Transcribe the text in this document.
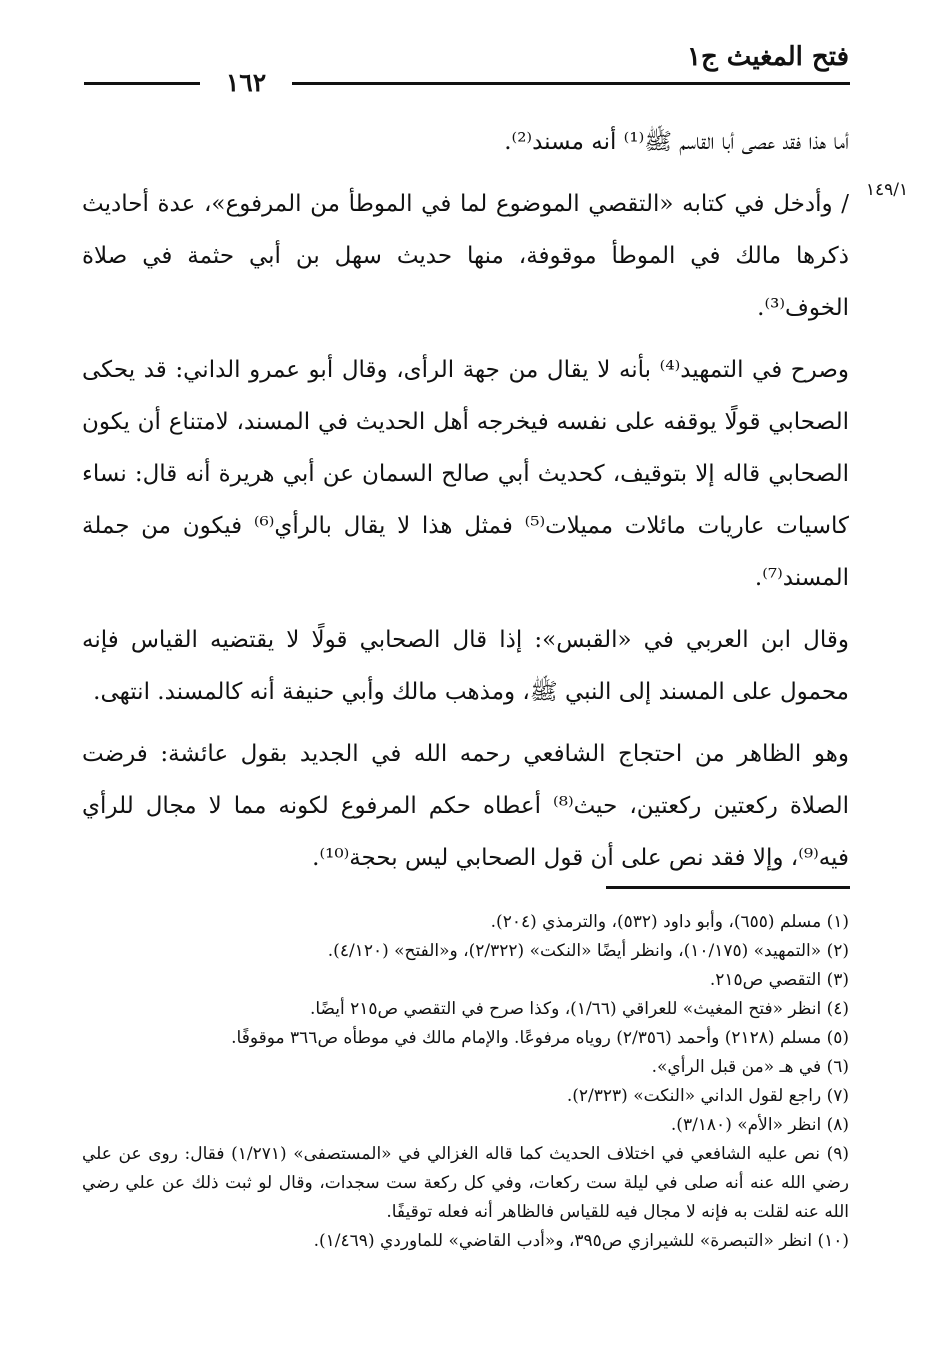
فتح المغيث ج١
١٦٢
١٤٩/١

أما هذا فقد عصى أبا القاسم ﷺ⁽¹⁾ أنه مسند⁽²⁾.

/ وأدخل في كتابه «التقصي الموضوع لما في الموطأ من المرفوع»، عدة أحاديث ذكرها مالك في الموطأ موقوفة، منها حديث سهل بن أبي حثمة في صلاة الخوف⁽³⁾.

وصرح في التمهيد⁽⁴⁾ بأنه لا يقال من جهة الرأى، وقال أبو عمرو الداني: قد يحكى الصحابي قولًا يوقفه على نفسه فيخرجه أهل الحديث في المسند، لامتناع أن يكون الصحابي قاله إلا بتوقيف، كحديث أبي صالح السمان عن أبي هريرة أنه قال: نساء كاسيات عاريات مائلات مميلات⁽⁵⁾ فمثل هذا لا يقال بالرأي⁽⁶⁾ فيكون من جملة المسند⁽⁷⁾.

وقال ابن العربي في «القبس»: إذا قال الصحابي قولًا لا يقتضيه القياس فإنه محمول على المسند إلى النبي ﷺ، ومذهب مالك وأبي حنيفة أنه كالمسند. انتهى.

وهو الظاهر من احتجاج الشافعي رحمه الله في الجديد بقول عائشة: فرضت الصلاة ركعتين ركعتين، حيث⁽⁸⁾ أعطاه حكم المرفوع لكونه مما لا مجال للرأي فيه⁽⁹⁾، وإلا فقد نص على أن قول الصحابي ليس بحجة⁽¹⁰⁾.

(١) مسلم (٦٥٥)، وأبو داود (٥٣٢)، والترمذي (٢٠٤).

(٢) «التمهيد» (١٠/١٧٥)، وانظر أيضًا «النكت» (٢/٣٢٢)، و«الفتح» (٤/١٢٠).

(٣) التقصي ص٢١٥.

(٤) انظر «فتح المغيث» للعراقي (١/٦٦)، وكذا صرح في التقصي ص٢١٥ أيضًا.

(٥) مسلم (٢١٢٨) وأحمد (٢/٣٥٦) روياه مرفوعًا. والإمام مالك في موطأه ص٣٦٦ موقوفًا.

(٦) في هـ «من قبل الرأي».

(٧) راجع لقول الداني «النكت» (٢/٣٢٣).

(٨) انظر «الأم» (٣/١٨٠).

(٩) نص عليه الشافعي في اختلاف الحديث كما قاله الغزالي في «المستصفى» (١/٢٧١) فقال: روى عن علي رضي الله عنه أنه صلى في ليلة ست ركعات، وفي كل ركعة ست سجدات، وقال لو ثبت ذلك عن علي رضي الله عنه لقلت به فإنه لا مجال فيه للقياس فالظاهر أنه فعله توقيفًا.

(١٠) انظر «التبصرة» للشيرازي ص٣٩٥، و«أدب القاضي» للماوردي (١/٤٦٩).
